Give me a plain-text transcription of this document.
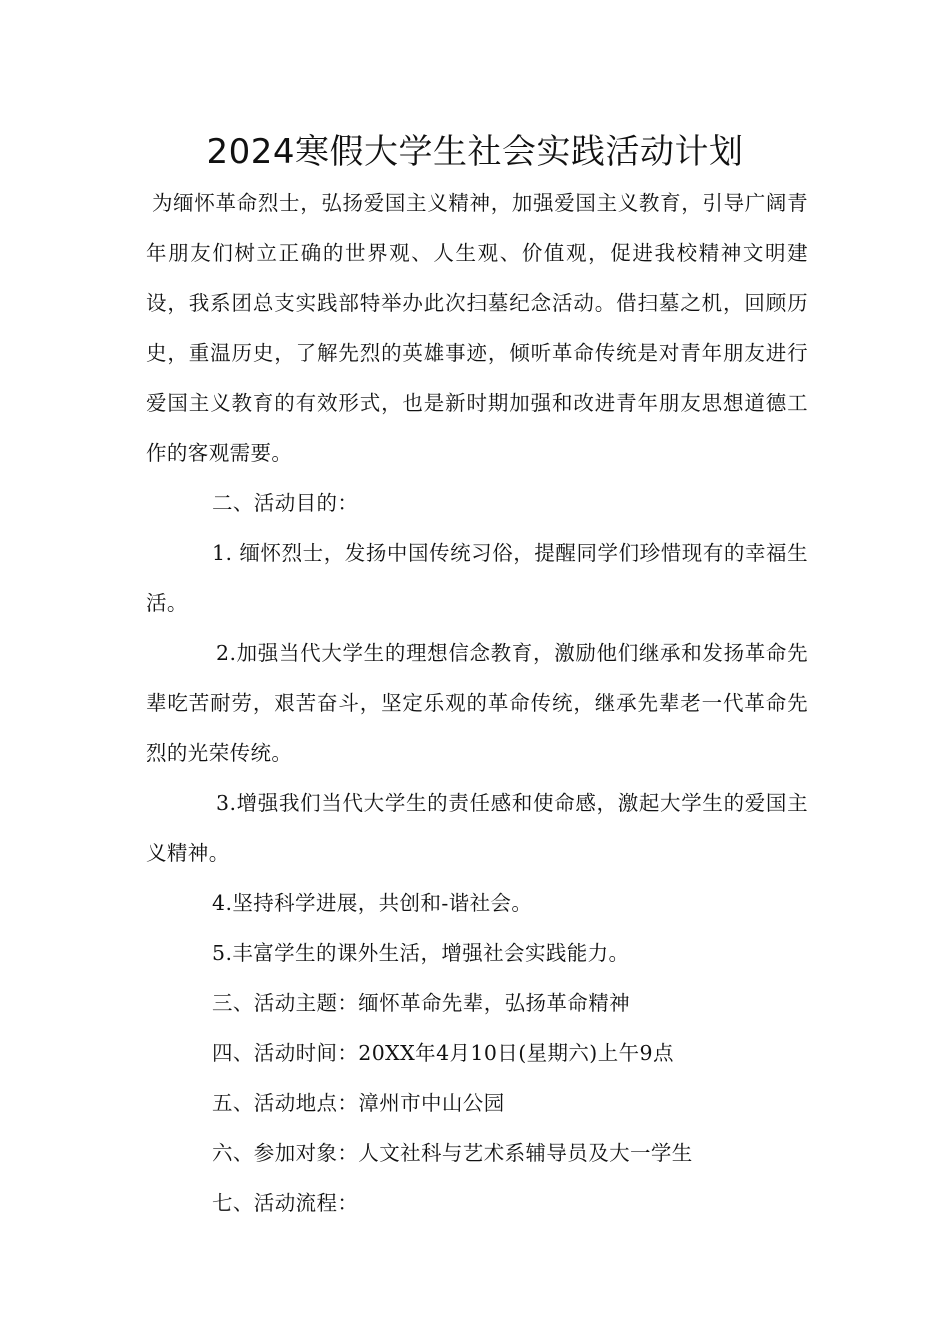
2024寒假大学生社会实践活动计划

为缅怀革命烈士，弘扬爱国主义精神，加强爱国主义教育，引导广阔青年朋友们树立正确的世界观、人生观、价值观，促进我校精神文明建设，我系团总支实践部特举办此次扫墓纪念活动。借扫墓之机，回顾历史，重温历史，了解先烈的英雄事迹，倾听革命传统是对青年朋友进行爱国主义教育的有效形式，也是新时期加强和改进青年朋友思想道德工作的客观需要。

二、活动目的：

1. 缅怀烈士，发扬中国传统习俗，提醒同学们珍惜现有的幸福生活。

2.加强当代大学生的理想信念教育，激励他们继承和发扬革命先辈吃苦耐劳，艰苦奋斗，坚定乐观的革命传统，继承先辈老一代革命先烈的光荣传统。

3.增强我们当代大学生的责任感和使命感，激起大学生的爱国主义精神。

4.坚持科学进展，共创和-谐社会。

5.丰富学生的课外生活，增强社会实践能力。

三、活动主题：缅怀革命先辈，弘扬革命精神

四、活动时间：20XX年4月10日(星期六)上午9点

五、活动地点：漳州市中山公园

六、参加对象：人文社科与艺术系辅导员及大一学生

七、活动流程：
